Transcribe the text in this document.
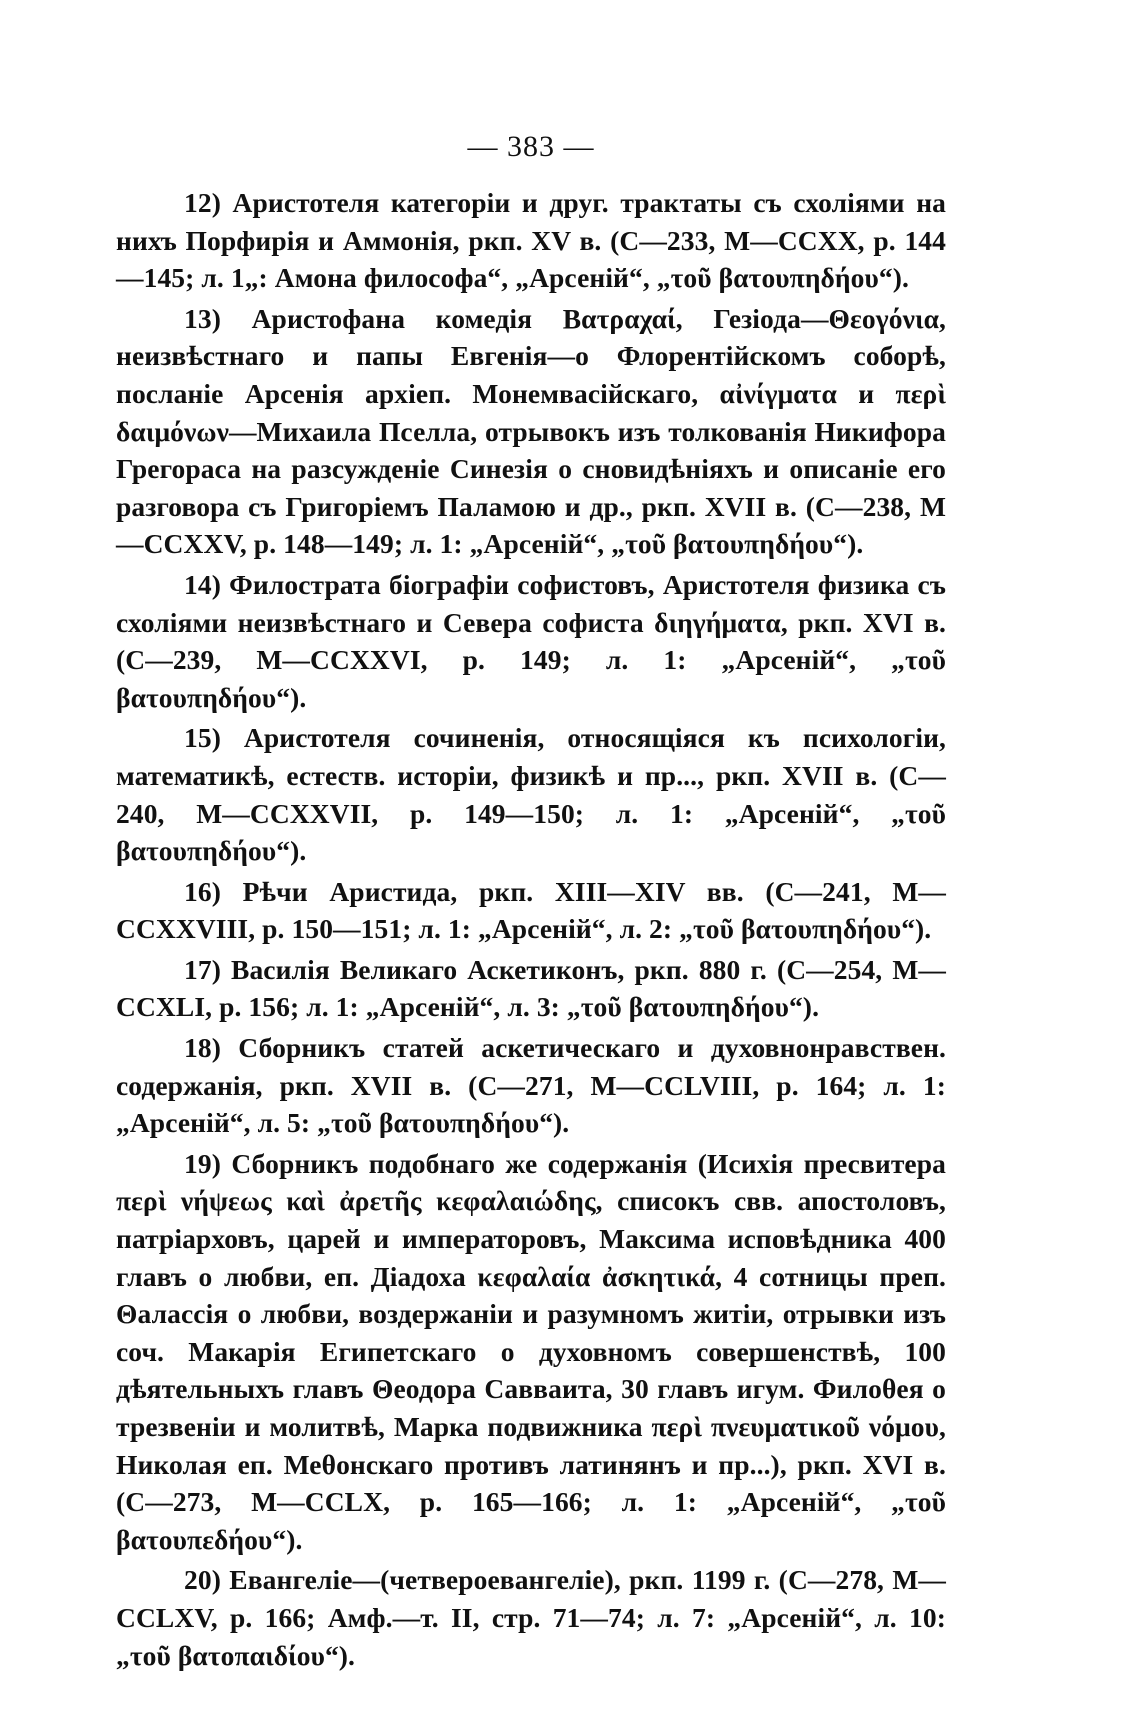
— 383 —

12) Аристотеля категорiи и друг. трактаты съ схолiями на нихъ Порфирiя и Аммонiя, ркп. XV в. (С—233, М—CCXX, р. 144—145; л. 1„: Амона философа“, „Арсенiй“, „τοῦ βατουπηδήου“).

13) Аристофана комедiя Βατραχαί, Гезiода—Θεογόνια, неизвѣстнаго и папы Евгенiя—о Флорентiйскомъ соборѣ, посланiе Арсенiя архiеп. Монемвасiйскаго, αἰνίγματα и περὶ δαιμόνων—Михаила Пселла, отрывокъ изъ толкованiя Никифора Грегораса на разсужденiе Синезiя о сновидѣнiяхъ и описанiе его разговора съ Григорiемъ Паламою и др., ркп. XVII в. (С—238, М—CCXXV, р. 148—149; л. 1: „Арсенiй“, „τοῦ βατουπηδήου“).

14) Филострата бiографiи софистовъ, Аристотеля физика съ схолiями неизвѣстнаго и Севера софиста διηγήματα, ркп. XVI в. (С—239, М—CCXXVI, р. 149; л. 1: „Арсенiй“, „τοῦ βατουπηδήου“).

15) Аристотеля сочиненiя, относящiяся къ психологiи, математикѣ, естеств. исторiи, физикѣ и пр..., ркп. XVII в. (С—240, М—CCXXVII, р. 149—150; л. 1: „Арсенiй“, „τοῦ βατουπηδήου“).

16) Рѣчи Аристида, ркп. XIII—XIV вв. (С—241, М—CCXXVIII, р. 150—151; л. 1: „Арсенiй“, л. 2: „τοῦ βατουπηδήου“).

17) Василiя Великаго Аскетиконъ, ркп. 880 г. (С—254, М—CCXLI, р. 156; л. 1: „Арсенiй“, л. 3: „τοῦ βατουπηδήου“).

18) Сборникъ статей аскетическаго и духовнонравствен. содержанiя, ркп. XVII в. (С—271, М—CCLVIII, р. 164; л. 1: „Арсенiй“, л. 5: „τοῦ βατουπηδήου“).

19) Сборникъ подобнаго же содержанiя (Исихiя пресвитера περὶ νήψεως καὶ ἀρετῆς κεφαλαιώδης, списокъ свв. апостоловъ, патрiарховъ, царей и императоровъ, Максима исповѣдника 400 главъ о любви, еп. Дiадоха κεφαλαία ἀσκητικά, 4 сотницы преп. Θалассiя о любви, воздержанiи и разумномъ житiи, отрывки изъ соч. Макарiя Египетскаго о духовномъ совершенствѣ, 100 дѣятельныхъ главъ Θеодора Савваита, 30 главъ игум. Филоθея о трезвенiи и молитвѣ, Марка подвижника περὶ πνευματικοῦ νόμου, Николая еп. Меθонскаго противъ латинянъ и пр...), ркп. XVI в. (С—273, М—CCLX, р. 165—166; л. 1: „Арсенiй“, „τοῦ βατουπεδήου“).

20) Евангелiе—(четвероевангелiе), ркп. 1199 г. (С—278, М—CCLXV, р. 166; Амф.—т. II, стр. 71—74; л. 7: „Арсенiй“, л. 10: „τοῦ βατοπαιδίου“).
